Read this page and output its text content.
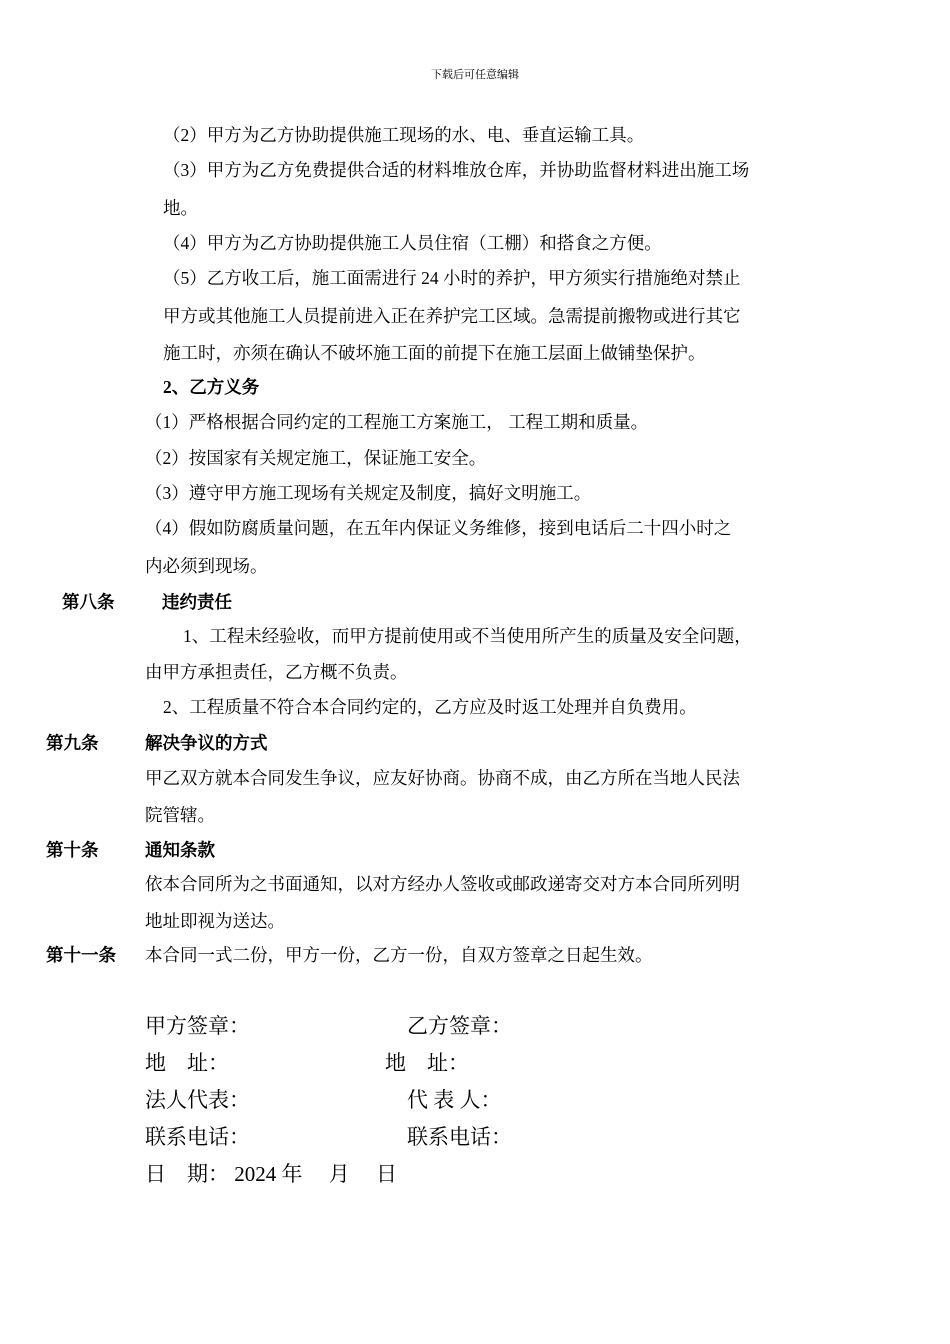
下载后可任意编辑
（2）甲方为乙方协助提供施工现场的水、电、垂直运输工具。
（3）甲方为乙方免费提供合适的材料堆放仓库，并协助监督材料进出施工场
地。
（4）甲方为乙方协助提供施工人员住宿（工棚）和搭食之方便。
（5）乙方收工后，施工面需进行 24 小时的养护，甲方须实行措施绝对禁止
甲方或其他施工人员提前进入正在养护完工区域。急需提前搬物或进行其它
施工时，亦须在确认不破坏施工面的前提下在施工层面上做铺垫保护。
2、乙方义务
（1）严格根据合同约定的工程施工方案施工， 工程工期和质量。
（2）按国家有关规定施工，保证施工安全。
（3）遵守甲方施工现场有关规定及制度，搞好文明施工。
（4）假如防腐质量问题，在五年内保证义务维修，接到电话后二十四小时之
内必须到现场。
第八条	违约责任
1、工程未经验收，而甲方提前使用或不当使用所产生的质量及安全问题，
由甲方承担责任，乙方概不负责。
2、工程质量不符合本合同约定的，乙方应及时返工处理并自负费用。
第九条	解决争议的方式
甲乙双方就本合同发生争议，应友好协商。协商不成，由乙方所在当地人民法
院管辖。
第十条	通知条款
依本合同所为之书面通知，以对方经办人签收或邮政递寄交对方本合同所列明
地址即视为送达。
第十一条 本合同一式二份，甲方一份，乙方一份，自双方签章之日起生效。
甲方签章：	乙方签章：
地　址：	地　址：
法人代表：	代 表 人：
联系电话：	联系电话：
日　期： 2024 年　 月　 日
